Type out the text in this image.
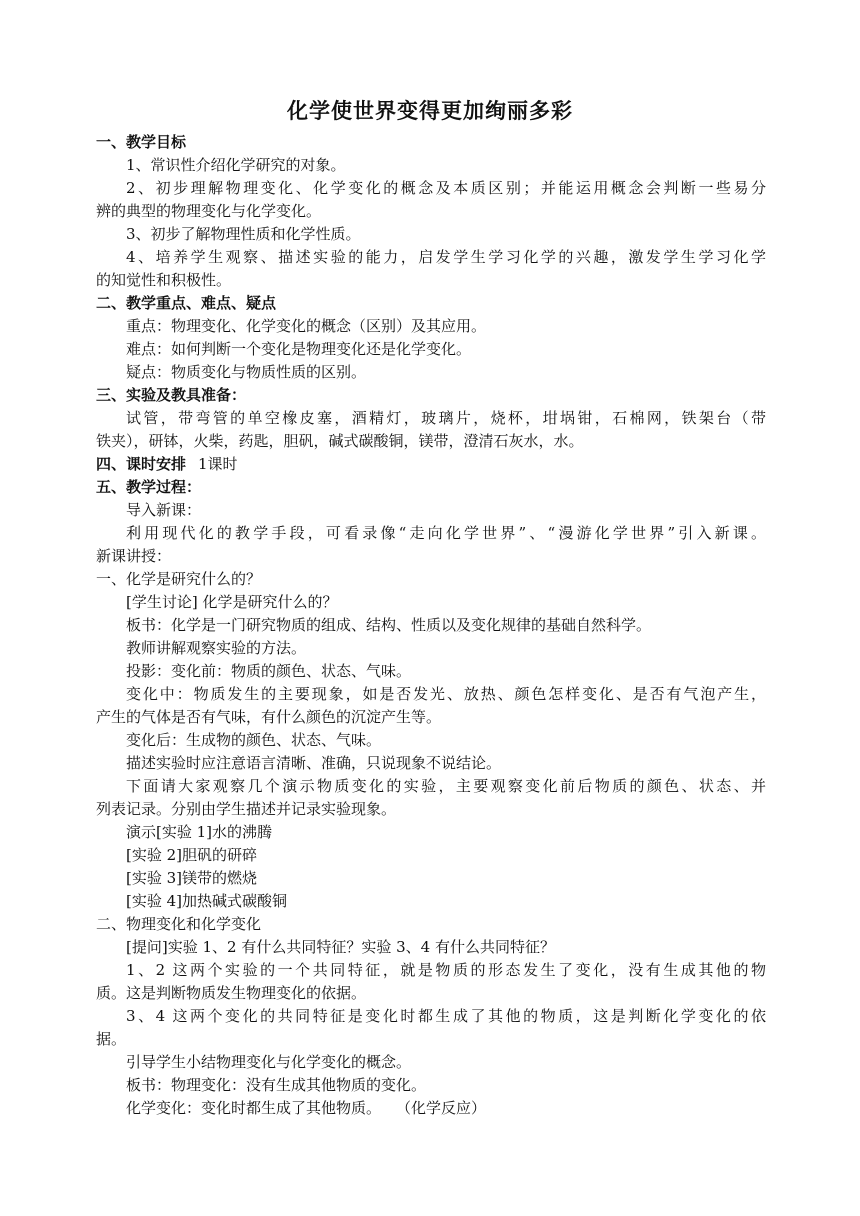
化学使世界变得更加绚丽多彩
一、教学目标
1、常识性介绍化学研究的对象。
2、初步理解物理变化、化学变化的概念及本质区别；并能运用概念会判断一些易分
辨的典型的物理变化与化学变化。
3、初步了解物理性质和化学性质。
4、培养学生观察、描述实验的能力，启发学生学习化学的兴趣，激发学生学习化学
的知觉性和积极性。
二、教学重点、难点、疑点
重点：物理变化、化学变化的概念（区别）及其应用。
难点：如何判断一个变化是物理变化还是化学变化。
疑点：物质变化与物质性质的区别。
三、实验及教具准备：
试管，带弯管的单空橡皮塞，酒精灯，玻璃片，烧杯，坩埚钳，石棉网，铁架台（带
铁夹），研钵，火柴，药匙，胆矾，碱式碳酸铜，镁带，澄清石灰水，水。
四、课时安排 1课时
五、教学过程：
导入新课：
利用现代化的教学手段，可看录像“走向化学世界”、“漫游化学世界”引入新课。
新课讲授：
一、化学是研究什么的？
[学生讨论] 化学是研究什么的？
板书：化学是一门研究物质的组成、结构、性质以及变化规律的基础自然科学。
教师讲解观察实验的方法。
投影：变化前：物质的颜色、状态、气味。
变化中：物质发生的主要现象，如是否发光、放热、颜色怎样变化、是否有气泡产生，
产生的气体是否有气味，有什么颜色的沉淀产生等。
变化后：生成物的颜色、状态、气味。
描述实验时应注意语言清晰、准确，只说现象不说结论。
下面请大家观察几个演示物质变化的实验，主要观察变化前后物质的颜色、状态、并
列表记录。分别由学生描述并记录实验现象。
演示[实验 1]水的沸腾
[实验 2]胆矾的研碎
[实验 3]镁带的燃烧
[实验 4]加热碱式碳酸铜
二、物理变化和化学变化
[提问]实验 1、2 有什么共同特征？实验 3、4 有什么共同特征？
1、2 这两个实验的一个共同特征，就是物质的形态发生了变化，没有生成其他的物
质。这是判断物质发生物理变化的依据。
3、4 这两个变化的共同特征是变化时都生成了其他的物质，这是判断化学变化的依
据。
引导学生小结物理变化与化学变化的概念。
板书：物理变化：没有生成其他物质的变化。
化学变化：变化时都生成了其他物质。　　（化学反应）
